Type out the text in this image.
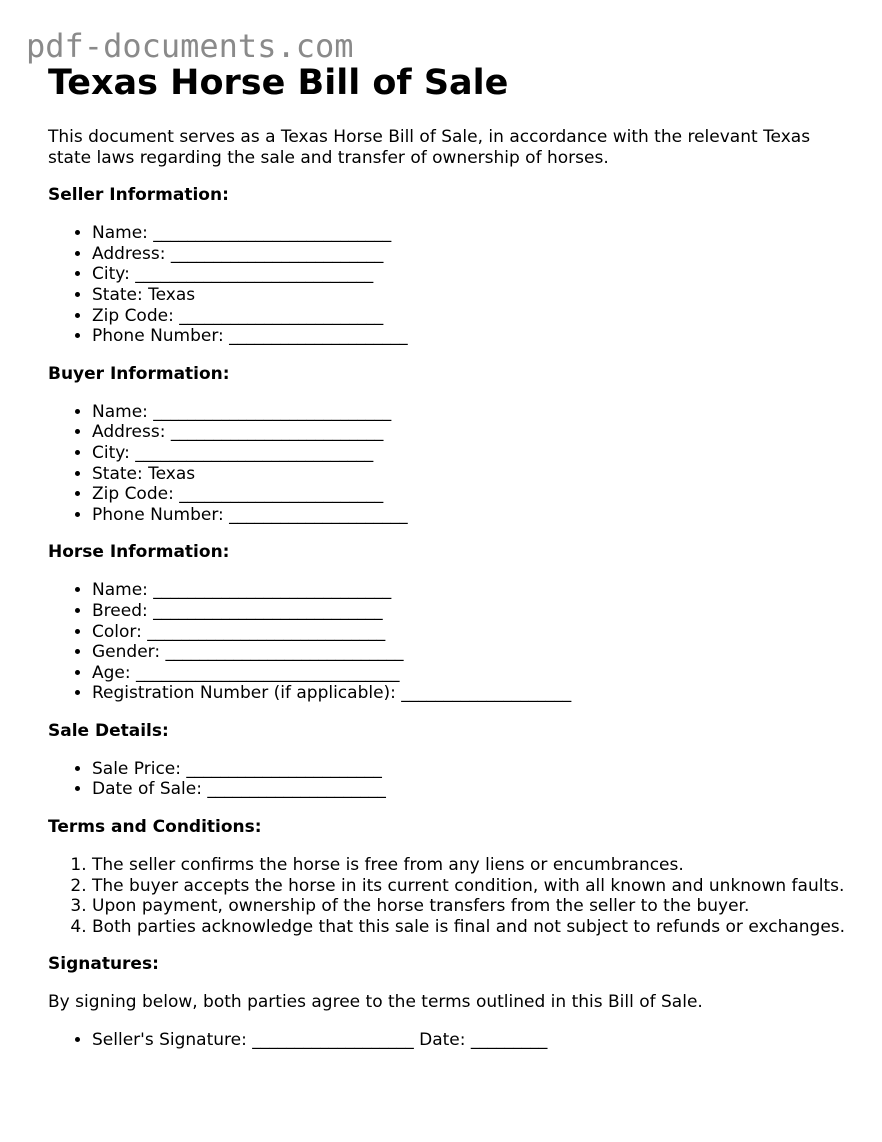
pdf-documents.com
Texas Horse Bill of Sale

This document serves as a Texas Horse Bill of Sale, in accordance with the relevant Texas state laws regarding the sale and transfer of ownership of horses.

Seller Information:
• Name: ____________________________
• Address: _________________________
• City: ____________________________
• State: Texas
• Zip Code: ________________________
• Phone Number: _____________________
Buyer Information:
• Name: ____________________________
• Address: _________________________
• City: ____________________________
• State: Texas
• Zip Code: ________________________
• Phone Number: _____________________
Horse Information:
• Name: ____________________________
• Breed: ___________________________
• Color: ____________________________
• Gender: ____________________________
• Age: _______________________________
• Registration Number (if applicable): ____________________
Sale Details:
• Sale Price: _______________________
• Date of Sale: _____________________
Terms and Conditions:
1. The seller confirms the horse is free from any liens or encumbrances.
2. The buyer accepts the horse in its current condition, with all known and unknown faults.
3. Upon payment, ownership of the horse transfers from the seller to the buyer.
4. Both parties acknowledge that this sale is final and not subject to refunds or exchanges.
Signatures:

By signing below, both parties agree to the terms outlined in this Bill of Sale.

• Seller's Signature: ___________________ Date: _________
